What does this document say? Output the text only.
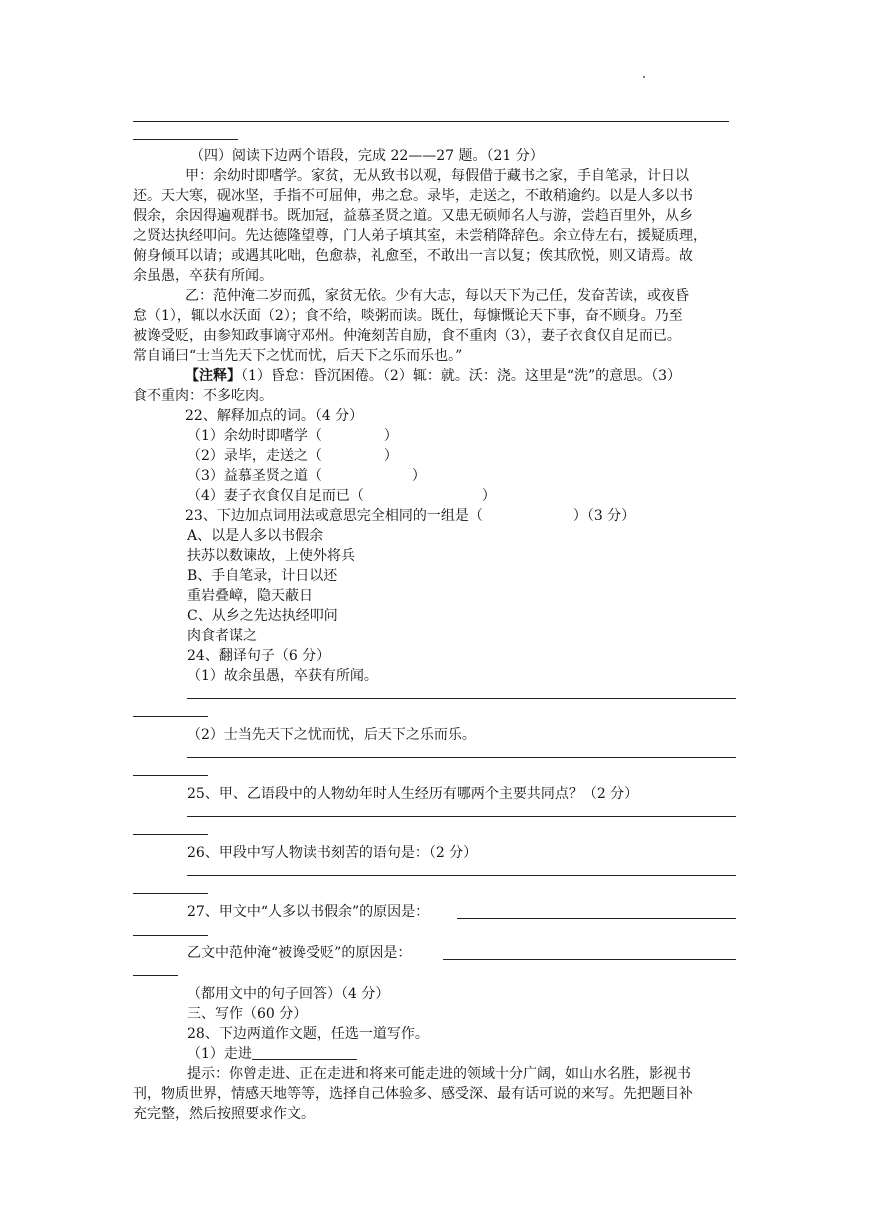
（四）阅读下边两个语段，完成 22——27 题。（21 分）
甲：余幼时即嗜学。家贫，无从致书以观，每假借于藏书之家，手自笔录，计日以
还。天大寒，砚冰坚，手指不可屈伸，弗之怠。录毕，走送之，不敢稍逾约。以是人多以书
假余，余因得遍观群书。既加冠，益慕圣贤之道。又患无硕师名人与游，尝趋百里外，从乡
之贤达执经叩问。先达德隆望尊，门人弟子填其室，未尝稍降辞色。余立侍左右，援疑质理，
俯身倾耳以请；或遇其叱咄，色愈恭，礼愈至，不敢出一言以复；俟其欣悦，则又请焉。故
余虽愚，卒获有所闻。
乙：范仲淹二岁而孤，家贫无依。少有大志，每以天下为己任，发奋苦读，或夜昏
怠（1），辄以水沃面（2）；食不给，啖粥而读。既仕，每慷慨论天下事，奋不顾身。乃至
被谗受贬，由参知政事谪守邓州。仲淹刻苦自励，食不重肉（3），妻子衣食仅自足而已。
常自诵曰“士当先天下之忧而忧，后天下之乐而乐也。”
【注释】（1）昏怠：昏沉困倦。（2）辄：就。沃：浇。这里是“洗”的意思。（3）
食不重肉：不多吃肉。
22、解释加点的词。（4 分）
（1）余幼时即嗜学（	）
（2）录毕，走送之（	）
（3）益慕圣贤之道（	）
（4）妻子衣食仅自足而已（	）
23、下边加点词用法或意思完全相同的一组是（	）（3 分）
A、以是人多以书假余
扶苏以数谏故，上使外将兵
B、手自笔录，计日以还
重岩叠嶂，隐天蔽日
C、从乡之先达执经叩问
肉食者谋之
24、翻译句子（6 分）
（1）故余虽愚，卒获有所闻。
（2）士当先天下之忧而忧，后天下之乐而乐。
25、甲、乙语段中的人物幼年时人生经历有哪两个主要共同点？（2 分）
26、甲段中写人物读书刻苦的语句是：（2 分）
27、甲文中“人多以书假余”的原因是：
乙文中范仲淹“被谗受贬”的原因是：
（都用文中的句子回答）（4 分）
三、写作（60 分）
28、下边两道作文题，任选一道写作。
（1）走进
提示：你曾走进、正在走进和将来可能走进的领域十分广阔，如山水名胜，影视书
刊，物质世界，情感天地等等，选择自己体验多、感受深、最有话可说的来写。先把题目补
充完整，然后按照要求作文。
